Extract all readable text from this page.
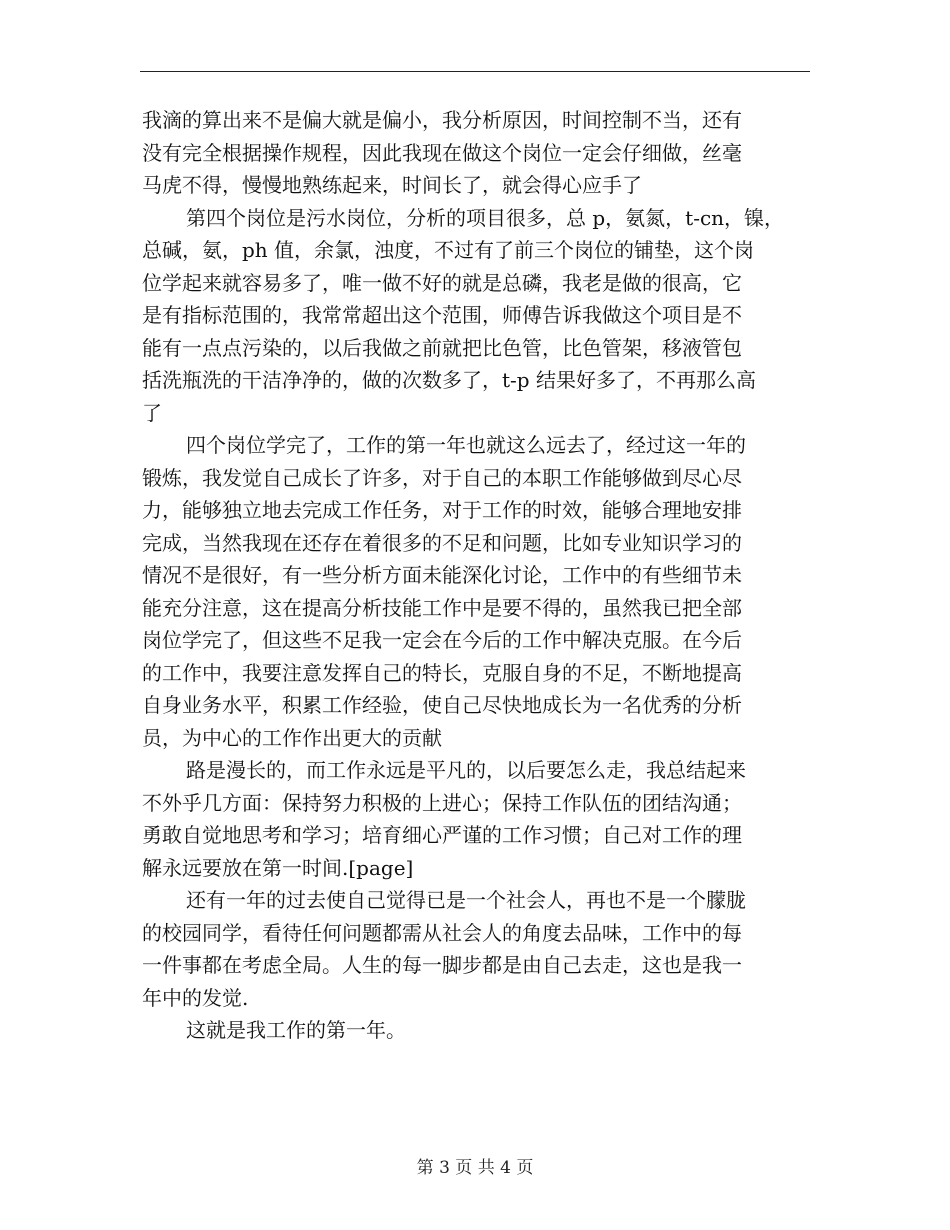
我滴的算出来不是偏大就是偏小，我分析原因，时间控制不当，还有
没有完全根据操作规程，因此我现在做这个岗位一定会仔细做，丝毫
马虎不得，慢慢地熟练起来，时间长了，就会得心应手了
第四个岗位是污水岗位，分析的项目很多，总 p，氨氮，t-cn，镍，
总碱，氨，ph 值，余氯，浊度，不过有了前三个岗位的铺垫，这个岗
位学起来就容易多了，唯一做不好的就是总磷，我老是做的很高，它
是有指标范围的，我常常超出这个范围，师傅告诉我做这个项目是不
能有一点点污染的，以后我做之前就把比色管，比色管架，移液管包
括洗瓶洗的干洁净净的，做的次数多了，t-p 结果好多了，不再那么高
了
四个岗位学完了，工作的第一年也就这么远去了，经过这一年的
锻炼，我发觉自己成长了许多，对于自己的本职工作能够做到尽心尽
力，能够独立地去完成工作任务，对于工作的时效，能够合理地安排
完成，当然我现在还存在着很多的不足和问题，比如专业知识学习的
情况不是很好，有一些分析方面未能深化讨论，工作中的有些细节未
能充分注意，这在提高分析技能工作中是要不得的，虽然我已把全部
岗位学完了，但这些不足我一定会在今后的工作中解决克服。在今后
的工作中，我要注意发挥自己的特长，克服自身的不足，不断地提高
自身业务水平，积累工作经验，使自己尽快地成长为一名优秀的分析
员，为中心的工作作出更大的贡献
路是漫长的，而工作永远是平凡的，以后要怎么走，我总结起来
不外乎几方面：保持努力积极的上进心；保持工作队伍的团结沟通；
勇敢自觉地思考和学习；培育细心严谨的工作习惯；自己对工作的理
解永远要放在第一时间.[page]
还有一年的过去使自己觉得已是一个社会人，再也不是一个朦胧
的校园同学，看待任何问题都需从社会人的角度去品味，工作中的每
一件事都在考虑全局。人生的每一脚步都是由自己去走，这也是我一
年中的发觉.
这就是我工作的第一年。
第 3 页 共 4 页
